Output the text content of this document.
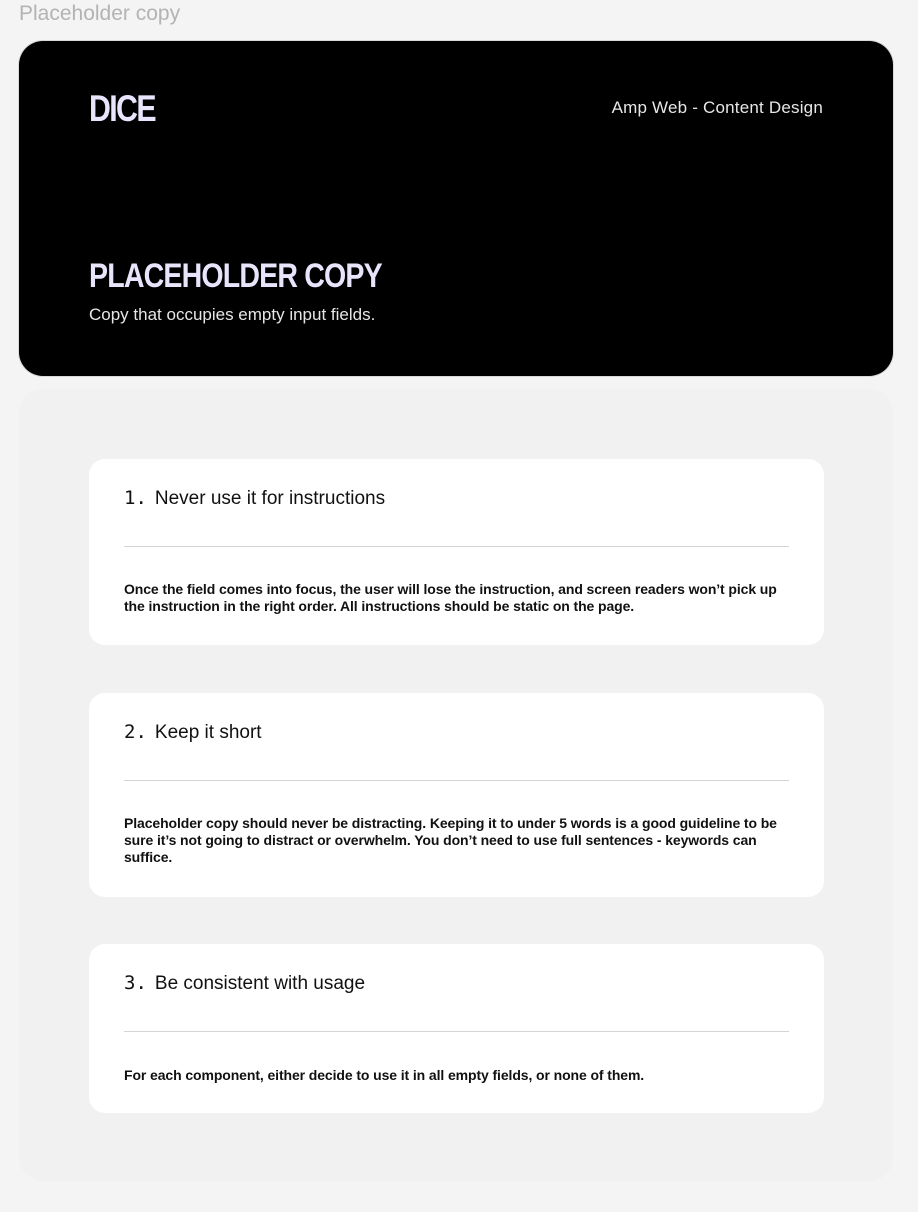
Placeholder copy
DICE	Amp Web - Content Design
PLACEHOLDER COPY

Copy that occupies empty input fields.

1. Never use it for instructions
Once the field comes into focus, the user will lose the instruction, and screen readers won’t pick up the instruction in the right order. All instructions should be static on the page.
2. Keep it short
Placeholder copy should never be distracting. Keeping it to under 5 words is a good guideline to be sure it’s not going to distract or overwhelm. You don’t need to use full sentences - keywords can suffice.
3. Be consistent with usage
For each component, either decide to use it in all empty fields, or none of them.
